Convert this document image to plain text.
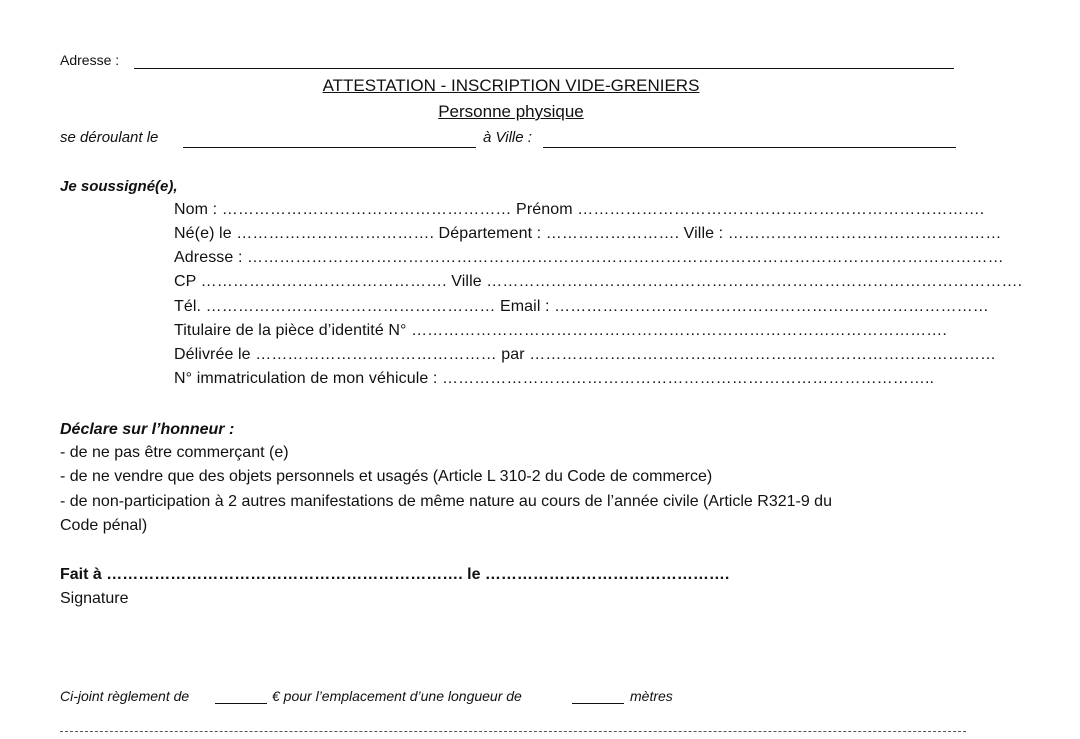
Adresse :
ATTESTATION - INSCRIPTION VIDE-GRENIERS
Personne physique
se déroulant le	à Ville :
Je soussigné(e),
Nom : ……………………………………………… Prénom ………………………………………………………………….
Né(e) le ………………………………. Département : ……………………. Ville : ……………………………………………
Adresse : ……………………………………………………………………………………………………………………………
CP ………………………………………. Ville ……………………………………………………………………………………….
Tél. ……………………………………………… Email : ………………………………………………………………………
Titulaire de la pièce d’identité N° ……………………………………………………………………………………….
Délivrée le ……………………………………… par ……………………………………………………………………………
N° immatriculation de mon véhicule : ………………………………………………………………………………..
Déclare sur l’honneur :
- de ne pas être commerçant (e)
- de ne vendre que des objets personnels et usagés (Article L 310-2 du Code de commerce)
- de non-participation à 2 autres manifestations de même nature au cours de l’année civile (Article R321-9 du
Code pénal)
Fait à …………………………………………………………. le ……………………………………….
Signature
Ci-joint règlement de	€ pour l’emplacement d’une longueur de	mètres
